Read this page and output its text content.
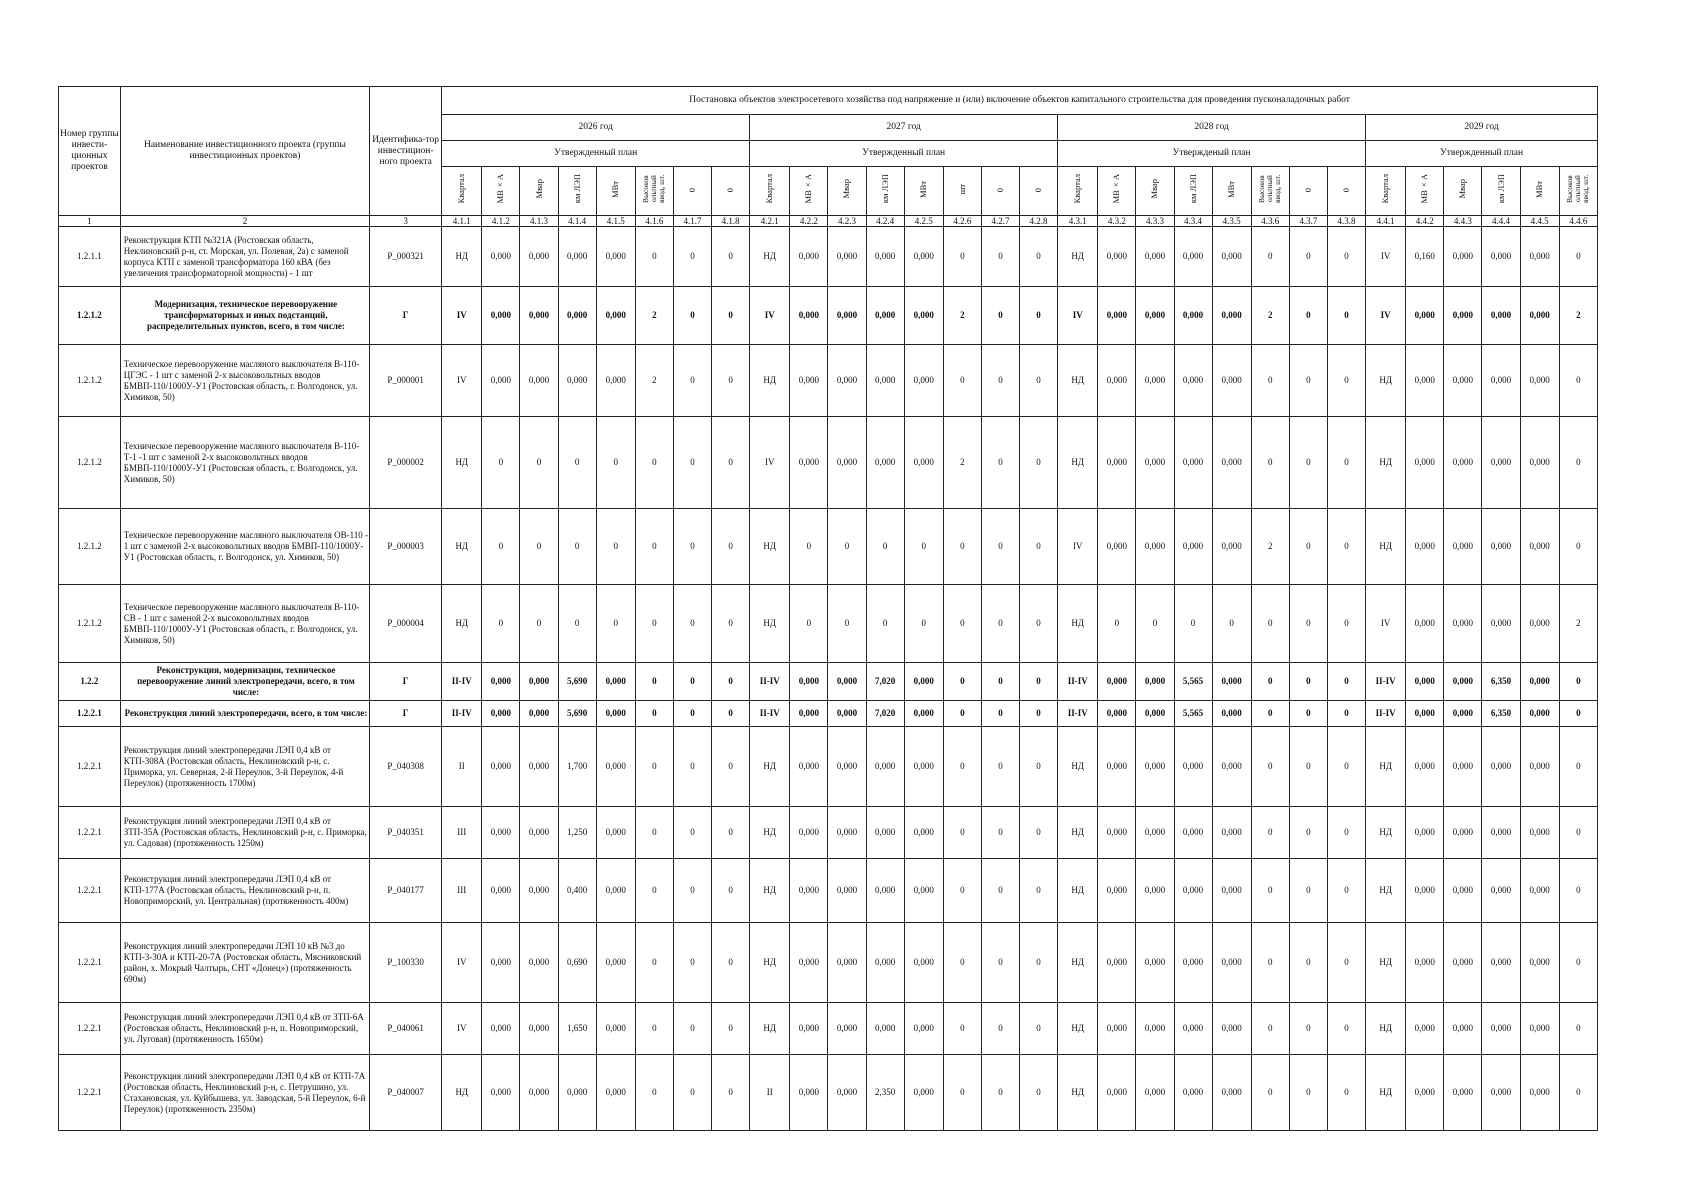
Номер группы инвести-ционных проектов	Наименование инвестиционного проекта (группы инвестиционных проектов)	Идентифика-тор инвестицион-ного проекта	Постановка объектов электросетевого хозяйства под напряжение и (или) включение объектов капитального строительства для проведения пусконаладочных работ																													
			2026 год								2027 год								2028 год								2029 год					
			Утвержденный план								Утвержденный план								Утвержденый план								Утвержденный план					
			Квартал	МВ×А	Мвар	км ЛЭП	МВт	Высоков ольтный ввод, шт.	0	0	Квартал	МВ×А	Мвар	км ЛЭП	МВт	шт	0	0	Квартал	МВ×А	Мвар	км ЛЭП	МВт	Высоков ольтный ввод, шт.	0	0	Квартал	МВ×А	Мвар	км ЛЭП	МВт	Высоков ольтный ввод, шт.
1	2	3	4.1.1	4.1.2	4.1.3	4.1.4	4.1.5	4.1.6	4.1.7	4.1.8	4.2.1	4.2.2	4.2.3	4.2.4	4.2.5	4.2.6	4.2.7	4.2.8	4.3.1	4.3.2	4.3.3	4.3.4	4.3.5	4.3.6	4.3.7	4.3.8	4.4.1	4.4.2	4.4.3	4.4.4	4.4.5	4.4.6
1.2.1.1	Реконструкция КТП №321А (Ростовская область, Неклиновский р-н, ст. Морская, ул. Полевая, 2а) с заменой корпуса КТП с заменой трансформатора 160 кВА (без увеличения трансформаторной мощности) - 1 шт	P_000321	НД	0,000	0,000	0,000	0,000	0	0	0	НД	0,000	0,000	0,000	0,000	0	0	0	НД	0,000	0,000	0,000	0,000	0	0	0	IV	0,160	0,000	0,000	0,000	0
1.2.1.2	Модернизация, техническое перевооружение трансформаторных и иных подстанций, распределительных пунктов, всего, в том числе:	Г	IV	0,000	0,000	0,000	0,000	2	0	0	IV	0,000	0,000	0,000	0,000	2	0	0	IV	0,000	0,000	0,000	0,000	2	0	0	IV	0,000	0,000	0,000	0,000	2
1.2.1.2	Техническое перевооружение масляного выключателя В-110-ЦГЭС - 1 шт с заменой 2-х высоковольтных вводов БМВП-110/1000У-У1 (Ростовская область, г. Волгодонск, ул. Химиков, 50)	P_000001	IV	0,000	0,000	0,000	0,000	2	0	0	НД	0,000	0,000	0,000	0,000	0	0	0	НД	0,000	0,000	0,000	0,000	0	0	0	НД	0,000	0,000	0,000	0,000	0
1.2.1.2	Техническое перевооружение масляного выключателя В-110-Т-1 -1 шт с заменой 2-х высоковольтных вводов БМВП-110/1000У-У1 (Ростовская область, г. Волгодонск, ул. Химиков, 50)	P_000002	НД	0	0	0	0	0	0	0	IV	0,000	0,000	0,000	0,000	2	0	0	НД	0,000	0,000	0,000	0,000	0	0	0	НД	0,000	0,000	0,000	0,000	0
1.2.1.2	Техническое перевооружение масляного выключателя ОВ-110 - 1 шт с заменой 2-х высоковольтных вводов БМВП-110/1000У-У1 (Ростовская область, г. Волгодонск, ул. Химиков, 50)	P_000003	НД	0	0	0	0	0	0	0	НД	0	0	0	0	0	0	0	IV	0,000	0,000	0,000	0,000	2	0	0	НД	0,000	0,000	0,000	0,000	0
1.2.1.2	Техническое перевооружение масляного выключателя В-110-СВ - 1 шт с заменой 2-х высоковольтных вводов БМВП-110/1000У-У1 (Ростовская область, г. Волгодонск, ул. Химиков, 50)	P_000004	НД	0	0	0	0	0	0	0	НД	0	0	0	0	0	0	0	НД	0	0	0	0	0	0	0	IV	0,000	0,000	0,000	0,000	2
1.2.2	Реконструкция, модернизация, техническое перевооружение линий электропередачи, всего, в том числе:	Г	II-IV	0,000	0,000	5,690	0,000	0	0	0	II-IV	0,000	0,000	7,020	0,000	0	0	0	II-IV	0,000	0,000	5,565	0,000	0	0	0	II-IV	0,000	0,000	6,350	0,000	0
1.2.2.1	Реконструкция линий электропередачи, всего, в том числе:	Г	II-IV	0,000	0,000	5,690	0,000	0	0	0	II-IV	0,000	0,000	7,020	0,000	0	0	0	II-IV	0,000	0,000	5,565	0,000	0	0	0	II-IV	0,000	0,000	6,350	0,000	0
1.2.2.1	Реконструкция линий электропередачи ЛЭП 0,4 кВ от КТП-308А (Ростовская область, Неклиновский р-н, с. Приморка, ул. Северная, 2-й Переулок, 3-й Переулок, 4-й Переулок) (протяженность 1700м)	P_040308	II	0,000	0,000	1,700	0,000	0	0	0	НД	0,000	0,000	0,000	0,000	0	0	0	НД	0,000	0,000	0,000	0,000	0	0	0	НД	0,000	0,000	0,000	0,000	0
1.2.2.1	Реконструкция линий электропередачи ЛЭП 0,4 кВ от ЗТП-35А (Ростовская область, Неклиновский р-н, с. Приморка, ул. Садовая) (протяженность 1250м)	P_040351	III	0,000	0,000	1,250	0,000	0	0	0	НД	0,000	0,000	0,000	0,000	0	0	0	НД	0,000	0,000	0,000	0,000	0	0	0	НД	0,000	0,000	0,000	0,000	0
1.2.2.1	Реконструкция линий электропередачи ЛЭП 0,4 кВ от КТП-177А (Ростовская область, Неклиновский р-н, п. Новоприморский, ул. Центральная) (протяженность 400м)	P_040177	III	0,000	0,000	0,400	0,000	0	0	0	НД	0,000	0,000	0,000	0,000	0	0	0	НД	0,000	0,000	0,000	0,000	0	0	0	НД	0,000	0,000	0,000	0,000	0
1.2.2.1	Реконструкция линий электропередачи ЛЭП 10 кВ №3 до КТП-3-30А и КТП-20-7А (Ростовская область, Мясниковский район, х. Мокрый Чалтырь, СНТ «Донец») (протяженность 690м)	P_100330	IV	0,000	0,000	0,690	0,000	0	0	0	НД	0,000	0,000	0,000	0,000	0	0	0	НД	0,000	0,000	0,000	0,000	0	0	0	НД	0,000	0,000	0,000	0,000	0
1.2.2.1	Реконструкция линий электропередачи ЛЭП 0,4 кВ от ЗТП-6А (Ростовская область, Неклиновский р-н, п. Новоприморский, ул. Луговая) (протяженность 1650м)	P_040061	IV	0,000	0,000	1,650	0,000	0	0	0	НД	0,000	0,000	0,000	0,000	0	0	0	НД	0,000	0,000	0,000	0,000	0	0	0	НД	0,000	0,000	0,000	0,000	0
1.2.2.1	Реконструкция линий электропередачи ЛЭП 0,4 кВ от КТП-7А (Ростовская область, Неклиновский р-н, с. Петрушино, ул. Стахановская, ул. Куйбышева, ул. Заводская, 5-й Переулок, 6-й Переулок) (протяженность 2350м)	P_040007	НД	0,000	0,000	0,000	0,000	0	0	0	II	0,000	0,000	2,350	0,000	0	0	0	НД	0,000	0,000	0,000	0,000	0	0	0	НД	0,000	0,000	0,000	0,000	0
